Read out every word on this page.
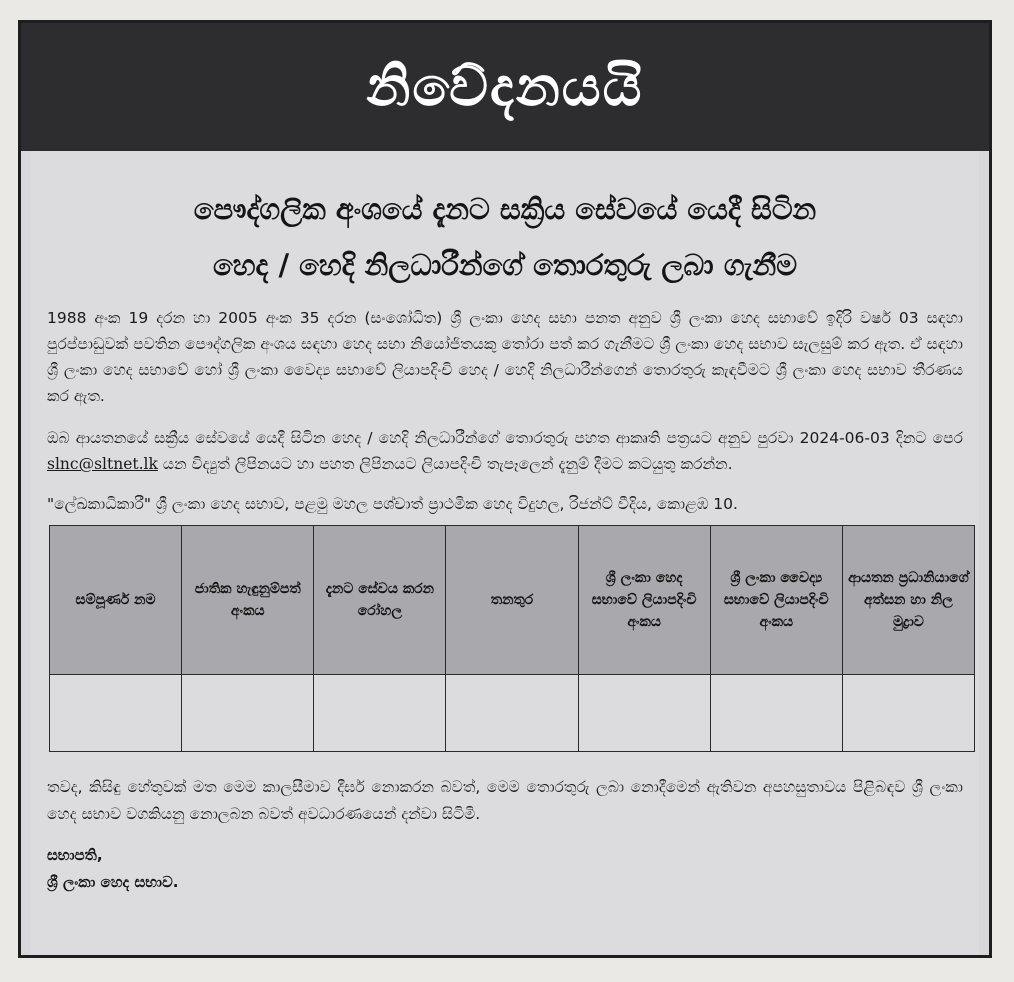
නිවේදනයයි
පෞද්ගලික අංශයේ දැනට සක්‍රිය සේවයේ යෙදී සිටින
හෙද / හෙදි නිලධාරීන්ගේ තොරතුරු ලබා ගැනීම

1988 අංක 19 දරන හා 2005 අංක 35 දරන (සංශෝධිත) ශ්‍රී ලංකා හෙද සභා පනත අනුව ශ්‍රී ලංකා හෙද සභාවේ ඉදිරි වර්ෂ 03 සඳහා පුරප්පාඩුවක් පවතින පෞද්ගලික අංශය සඳහා හෙද සභා නියෝජිතයකු තෝරා පත් කර ගැනීමට ශ්‍රී ලංකා හෙද සභාව සැලසුම් කර ඇත. ඒ සඳහා ශ්‍රී ලංකා හෙද සභාවේ හෝ ශ්‍රී ලංකා වෛද්‍ය සභාවේ ලියාපදිංචි හෙද / හෙදි නිලධාරීන්ගෙන් තොරතුරු කැඳවීමට ශ්‍රී ලංකා හෙද සභාව තීරණය කර ඇත.

ඔබ ආයතනයේ සක්‍රීය සේවයේ යෙදී සිටින හෙද / හෙදි නිලධාරීන්ගේ තොරතුරු පහත ආකෘති පත්‍රයට අනුව පුරවා 2024-06-03 දිනට පෙර slnc@sltnet.lk යන විද්‍යුත් ලිපිනයට හා පහත ලිපිනයට ලියාපදිංචි තැපෑලෙන් දැනුම් දීමට කටයුතු කරන්න.

"ලේඛකාධිකාරී" ශ්‍රී ලංකා හෙද සභාව, පළමු මහල පශ්චාත් ප්‍රාථමික හෙද විදුහල, රිජන්ට් වීදිය, කොළඹ 10.

සම්පූර්ණ නම	ජාතික හැඳුනුම්පත් අංකය	දැනට සේවය කරන රෝහල	තනතුර	ශ්‍රී ලංකා හෙද සභාවේ ලියාපදිංචි අංකය	ශ්‍රී ලංකා වෛද්‍ය සභාවේ ලියාපදිංචි අංකය	ආයතන ප්‍රධානියාගේ අත්සන හා නිල මුද්‍රාව

තවද, කිසිඳු හේතුවක් මත මෙම කාලසීමාව දීර්ඝ නොකරන බවත්, මෙම තොරතුරු ලබා නොදීමෙන් ඇතිවන අපහසුතාවය පිළිබඳව ශ්‍රී ලංකා හෙද සභාව වගකියනු නොලබන බවත් අවධාරණයෙන් දන්වා සිටිමි.

සභාපති,
ශ්‍රී ලංකා හෙද සභාව.
